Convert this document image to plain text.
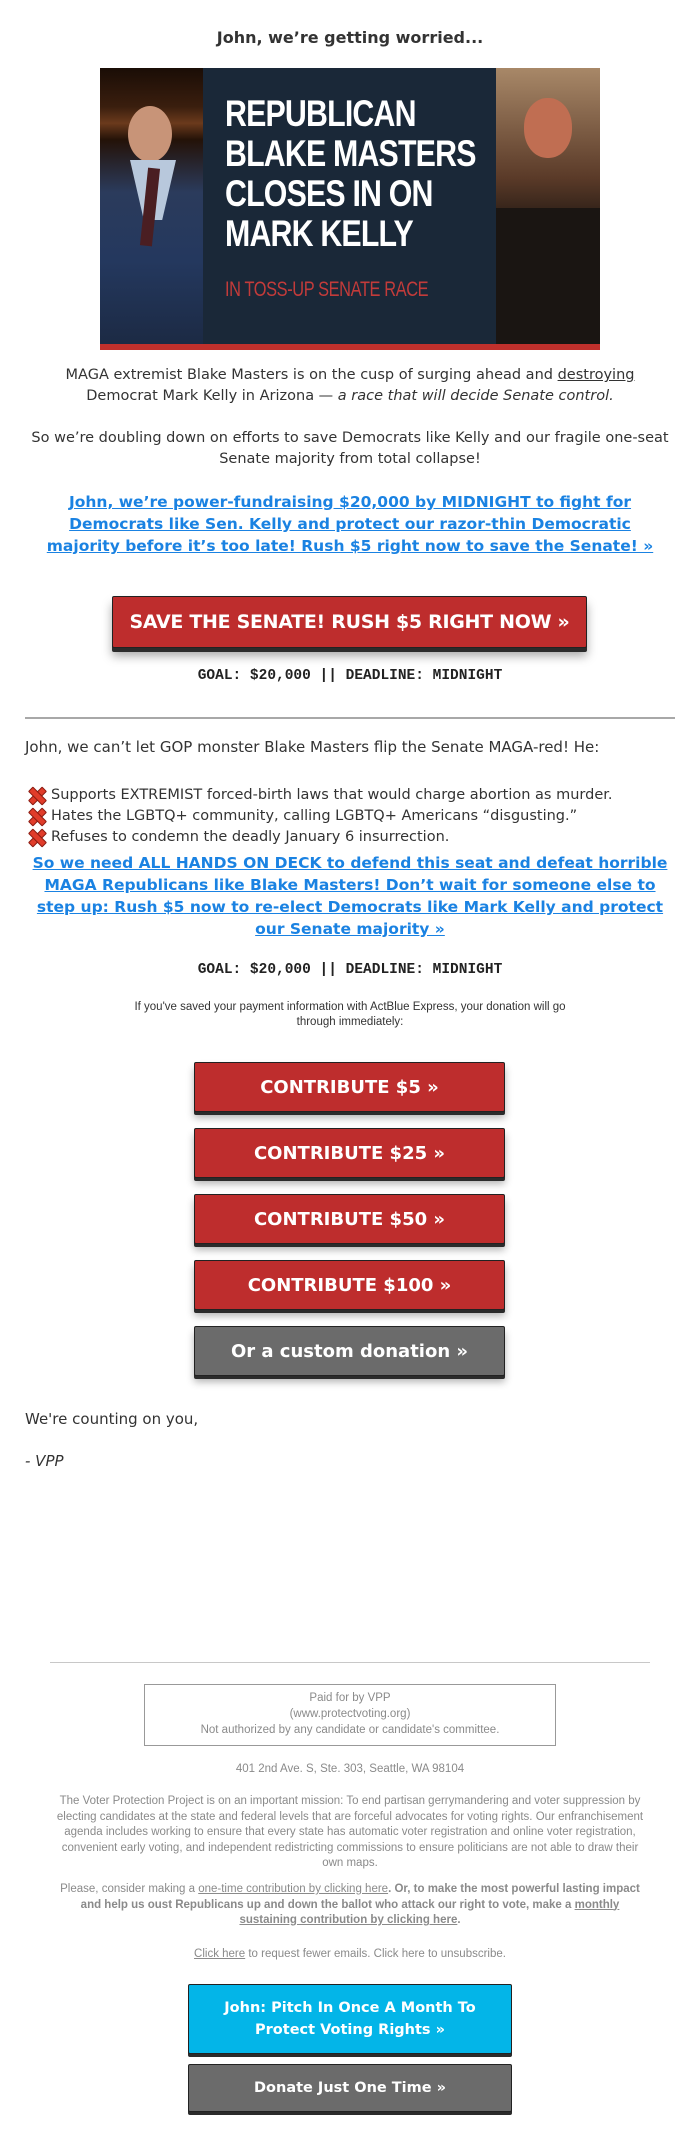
John, we’re getting worried...
REPUBLICAN
BLAKE MASTERS
CLOSES IN ON
MARK KELLY
IN TOSS-UP SENATE RACE
MAGA extremist Blake Masters is on the cusp of surging ahead and destroying Democrat Mark Kelly in Arizona — a race that will decide Senate control.
So we’re doubling down on efforts to save Democrats like Kelly and our fragile one-seat Senate majority from total collapse!
John, we’re power-fundraising $20,000 by MIDNIGHT to fight for Democrats like Sen. Kelly and protect our razor-thin Democratic majority before it’s too late! Rush $5 right now to save the Senate! »
SAVE THE SENATE! RUSH $5 RIGHT NOW »
GOAL: $20,000 || DEADLINE: MIDNIGHT
John, we can’t let GOP monster Blake Masters flip the Senate MAGA-red! He:
Supports EXTREMIST forced-birth laws that would charge abortion as murder.
Hates the LGBTQ+ community, calling LGBTQ+ Americans “disgusting.”
Refuses to condemn the deadly January 6 insurrection.
So we need ALL HANDS ON DECK to defend this seat and defeat horrible MAGA Republicans like Blake Masters! Don’t wait for someone else to step up: Rush $5 now to re-elect Democrats like Mark Kelly and protect our Senate majority »
GOAL: $20,000 || DEADLINE: MIDNIGHT
If you've saved your payment information with ActBlue Express, your donation will go through immediately:
CONTRIBUTE $5 »
CONTRIBUTE $25 »
CONTRIBUTE $50 »
CONTRIBUTE $100 »
Or a custom donation »
We're counting on you,
- VPP
Paid for by VPP
(www.protectvoting.org)
Not authorized by any candidate or candidate's committee.
401 2nd Ave. S, Ste. 303, Seattle, WA 98104
The Voter Protection Project is on an important mission: To end partisan gerrymandering and voter suppression by electing candidates at the state and federal levels that are forceful advocates for voting rights. Our enfranchisement agenda includes working to ensure that every state has automatic voter registration and online voter registration, convenient early voting, and independent redistricting commissions to ensure politicians are not able to draw their own maps.
Please, consider making a one-time contribution by clicking here. Or, to make the most powerful lasting impact and help us oust Republicans up and down the ballot who attack our right to vote, make a monthly sustaining contribution by clicking here.
Click here to request fewer emails. Click here to unsubscribe.
John: Pitch In Once A Month To Protect Voting Rights »
Donate Just One Time »
